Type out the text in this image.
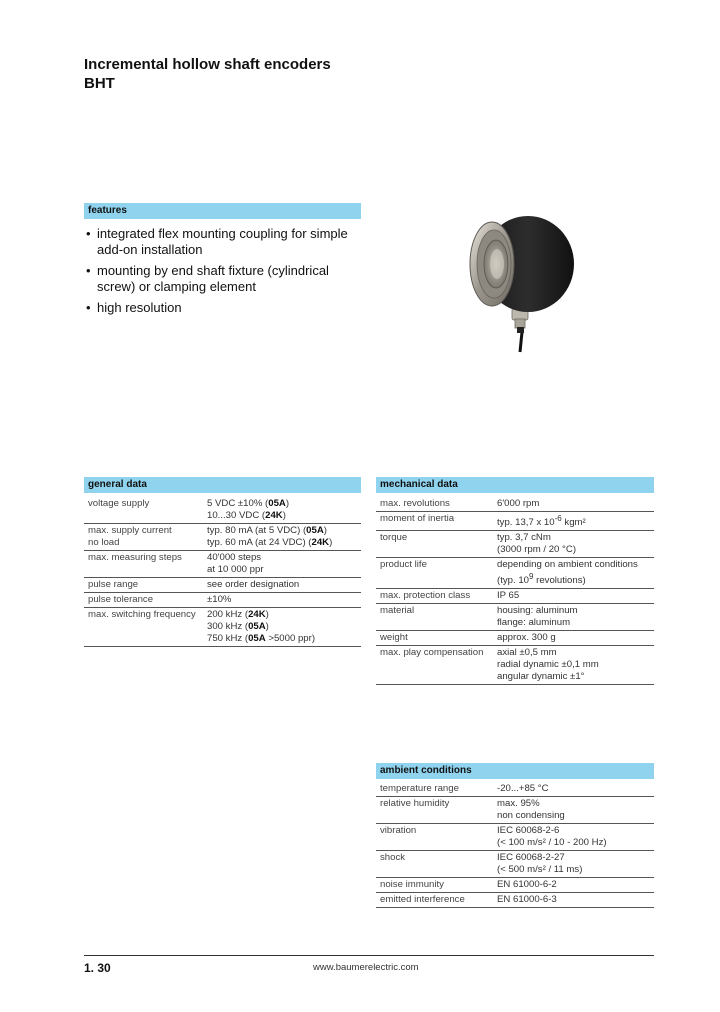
Incremental hollow shaft encoders
BHT
features
• integrated flex mounting coupling for simple add-on installation
• mounting by end shaft fixture (cylindrical screw) or clamping element
• high resolution
general data
voltage supply	5 VDC ±10% (05A)
10...30 VDC (24K)
max. supply current
no load	typ. 80 mA (at 5 VDC) (05A)
typ. 60 mA (at 24 VDC) (24K)
max. measuring steps	40'000 steps
at 10 000 ppr
pulse range	see order designation
pulse tolerance	±10%
max. switching frequency	200 kHz (24K)
300 kHz (05A)
750 kHz (05A >5000 ppr)
mechanical data
max. revolutions	6'000 rpm
moment of inertia	typ. 13,7 x $10^{-6}$ kgm²
torque	typ. 3,7 cNm
(3000 rpm / 20 °C)
product life	depending on ambient conditions
(typ. $10^9$ revolutions)
max. protection class	IP 65
material	housing: aluminum
flange: aluminum
weight	approx. 300 g
max. play compensation	axial ±0,5 mm
radial dynamic ±0,1 mm
angular dynamic ±1°
ambient conditions
temperature range	-20...+85 °C
relative humidity	max. 95%
non condensing
vibration	IEC 60068-2-6
(< 100 m/s² / 10 - 200 Hz)
shock	IEC 60068-2-27
(< 500 m/s² / 11 ms)
noise immunity	EN 61000-6-2
emitted interference	EN 61000-6-3
1. 30	www.baumerelectric.com
